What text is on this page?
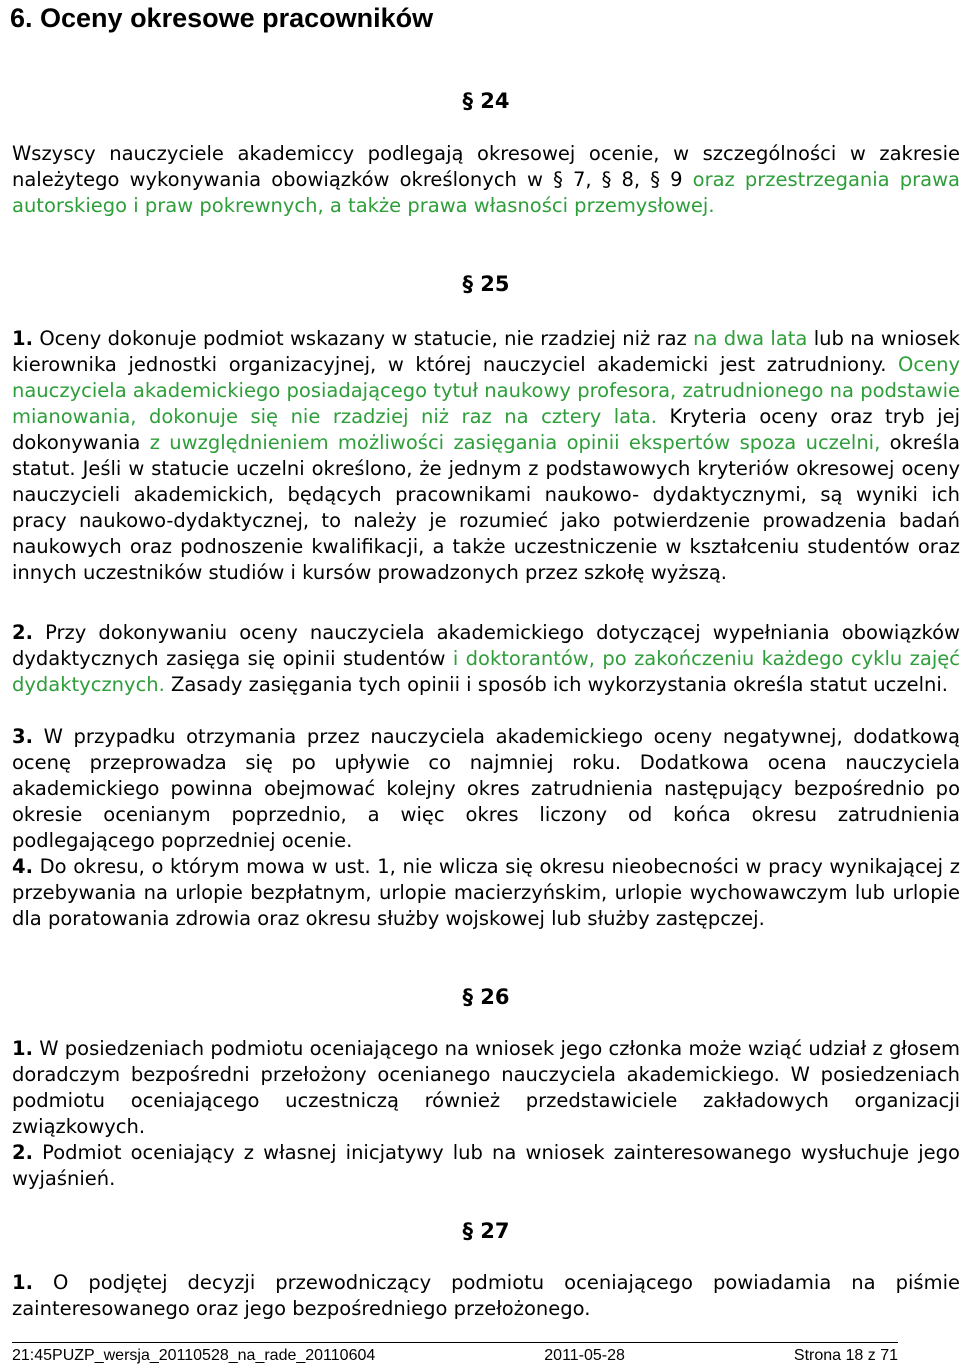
6. Oceny okresowe pracowników
§ 24

Wszyscy nauczyciele akademiccy podlegają okresowej ocenie, w szczególności w zakresie należytego wykonywania obowiązków określonych w § 7, § 8, § 9 oraz przestrzegania prawa autorskiego i praw pokrewnych, a także prawa własności przemysłowej.

§ 25

1. Oceny dokonuje podmiot wskazany w statucie, nie rzadziej niż raz na dwa lata lub na wniosek kierownika jednostki organizacyjnej, w której nauczyciel akademicki jest zatrudniony. Oceny nauczyciela akademickiego posiadającego tytuł naukowy profesora, zatrudnionego na podstawie mianowania, dokonuje się nie rzadziej niż raz na cztery lata. Kryteria oceny oraz tryb jej dokonywania z uwzględnieniem możliwości zasięgania opinii ekspertów spoza uczelni, określa statut. Jeśli w statucie uczelni określono, że jednym z podstawowych kryteriów okresowej oceny nauczycieli akademickich, będących pracownikami naukowo- dydaktycznymi, są wyniki ich pracy naukowo-dydaktycznej, to należy je rozumieć jako potwierdzenie prowadzenia badań naukowych oraz podnoszenie kwalifikacji, a także uczestniczenie w kształceniu studentów oraz innych uczestników studiów i kursów prowadzonych przez szkołę wyższą.

2. Przy dokonywaniu oceny nauczyciela akademickiego dotyczącej wypełniania obowiązków dydaktycznych zasięga się opinii studentów i doktorantów, po zakończeniu każdego cyklu zajęć dydaktycznych. Zasady zasięgania tych opinii i sposób ich wykorzystania określa statut uczelni.

3. W przypadku otrzymania przez nauczyciela akademickiego oceny negatywnej, dodatkową ocenę przeprowadza się po upływie co najmniej roku. Dodatkowa ocena nauczyciela akademickiego powinna obejmować kolejny okres zatrudnienia następujący bezpośrednio po okresie ocenianym poprzednio, a więc okres liczony od końca okresu zatrudnienia podlegającego poprzedniej ocenie.

4. Do okresu, o którym mowa w ust. 1, nie wlicza się okresu nieobecności w pracy wynikającej z przebywania na urlopie bezpłatnym, urlopie macierzyńskim, urlopie wychowawczym lub urlopie dla poratowania zdrowia oraz okresu służby wojskowej lub służby zastępczej.

§ 26

1. W posiedzeniach podmiotu oceniającego na wniosek jego członka może wziąć udział z głosem doradczym bezpośredni przełożony ocenianego nauczyciela akademickiego. W posiedzeniach podmiotu oceniającego uczestniczą również przedstawiciele zakładowych organizacji związkowych.

2. Podmiot oceniający z własnej inicjatywy lub na wniosek zainteresowanego wysłuchuje jego wyjaśnień.

§ 27

1. O podjętej decyzji przewodniczący podmiotu oceniającego powiadamia na piśmie zainteresowanego oraz jego bezpośredniego przełożonego.

21:45PUZP_wersja_20110528_na_rade_20110604	2011-05-28	Strona 18 z 71
